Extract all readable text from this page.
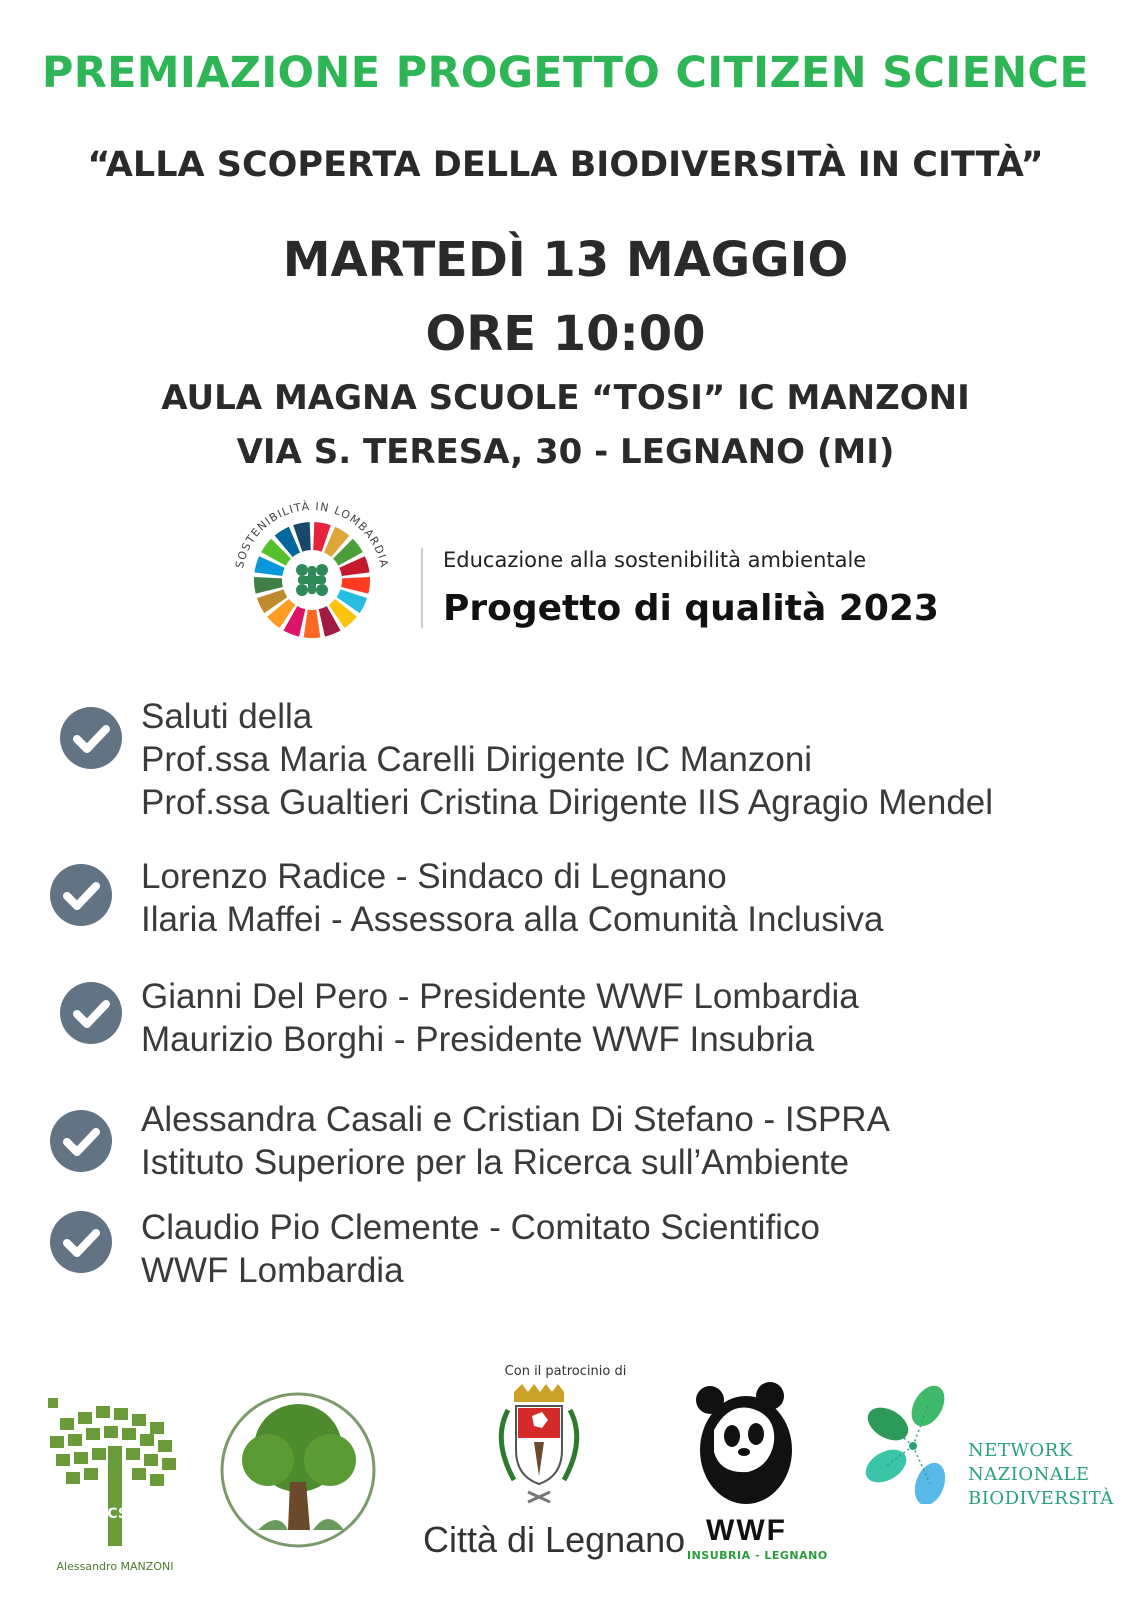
PREMIAZIONE PROGETTO CITIZEN SCIENCE
“ALLA SCOPERTA DELLA BIODIVERSITÀ IN CITTÀ”
MARTEDÌ 13 MAGGIO
ORE 10:00
AULA MAGNA SCUOLE “TOSI” IC MANZONI
VIA S. TERESA, 30 - LEGNANO (MI)
SOSTENIBILITÀ IN LOMBARDIA Educazione alla sostenibilità ambientale
Progetto di qualità 2023
Saluti della
Prof.ssa Maria Carelli Dirigente IC Manzoni
Prof.ssa Gualtieri Cristina Dirigente IIS Agragio Mendel
Lorenzo Radice - Sindaco di Legnano
Ilaria Maffei - Assessora alla Comunità Inclusiva
Gianni Del Pero - Presidente WWF Lombardia
Maurizio Borghi - Presidente WWF Insubria
Alessandra Casali e Cristian Di Stefano - ISPRA
Istituto Superiore per la Ricerca sull’Ambiente
Claudio Pio Clemente - Comitato Scientifico
WWF Lombardia
Con il patrocinio di
ICS
Alessandro MANZONI
Città di Legnano WWF
INSUBRIA - LEGNANO
NETWORK
NAZIONALE
BIODIVERSITÀ
